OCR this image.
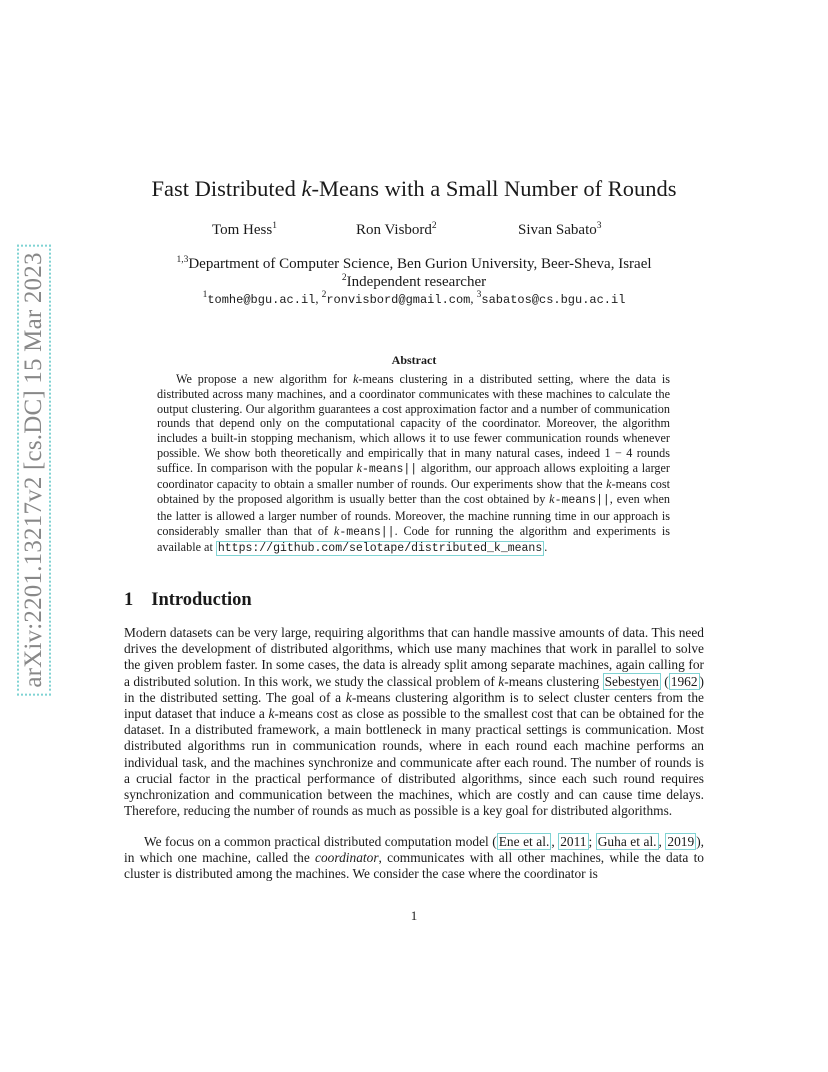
arXiv:2201.13217v2 [cs.DC] 15 Mar 2023
Fast Distributed k-Means with a Small Number of Rounds
Tom Hess$^1$	Ron Visbord$^2$	Sivan Sabato$^3$
$^{1,3}$Department of Computer Science, Ben Gurion University, Beer-Sheva, Israel
$^2$Independent researcher
$^1$tomhe@bgu.ac.il, $^2$ronvisbord@gmail.com, $^3$sabatos@cs.bgu.ac.il
Abstract

We propose a new algorithm for k-means clustering in a distributed setting, where the data is distributed across many machines, and a coordinator communicates with these machines to calculate the output clustering. Our algorithm guarantees a cost approximation factor and a number of communication rounds that depend only on the computational capacity of the coordinator. Moreover, the algorithm includes a built-in stopping mechanism, which allows it to use fewer communication rounds whenever possible. We show both theoretically and empirically that in many natural cases, indeed 1 − 4 rounds suffice. In comparison with the popular k-means|| algorithm, our approach allows exploiting a larger coordinator capacity to obtain a smaller number of rounds. Our experiments show that the k-means cost obtained by the proposed algorithm is usually better than the cost obtained by k-means||, even when the latter is allowed a larger number of rounds. Moreover, the machine running time in our approach is considerably smaller than that of k-means||. Code for running the algorithm and experiments is available at https://github.com/selotape/distributed_k_means .

1 Introduction

Modern datasets can be very large, requiring algorithms that can handle massive amounts of data. This need drives the development of distributed algorithms, which use many machines that work in parallel to solve the given problem faster. In some cases, the data is already split among separate machines, again calling for a distributed solution. In this work, we study the classical problem of k-means clustering Sebestyen ( 1962 ) in the distributed setting. The goal of a k-means clustering algorithm is to select cluster centers from the input dataset that induce a k-means cost as close as possible to the smallest cost that can be obtained for the dataset. In a distributed framework, a main bottleneck in many practical settings is communication. Most distributed algorithms run in communication rounds, where in each round each machine performs an individual task, and the machines synchronize and communicate after each round. The number of rounds is a crucial factor in the practical performance of distributed algorithms, since each such round requires synchronization and communication between the machines, which are costly and can cause time delays. Therefore, reducing the number of rounds as much as possible is a key goal for distributed algorithms.

We focus on a common practical distributed computation model ( Ene et al. , 2011 ; Guha et al. , 2019 ), in which one machine, called the coordinator, communicates with all other machines, while the data to cluster is distributed among the machines. We consider the case where the coordinator is

1
